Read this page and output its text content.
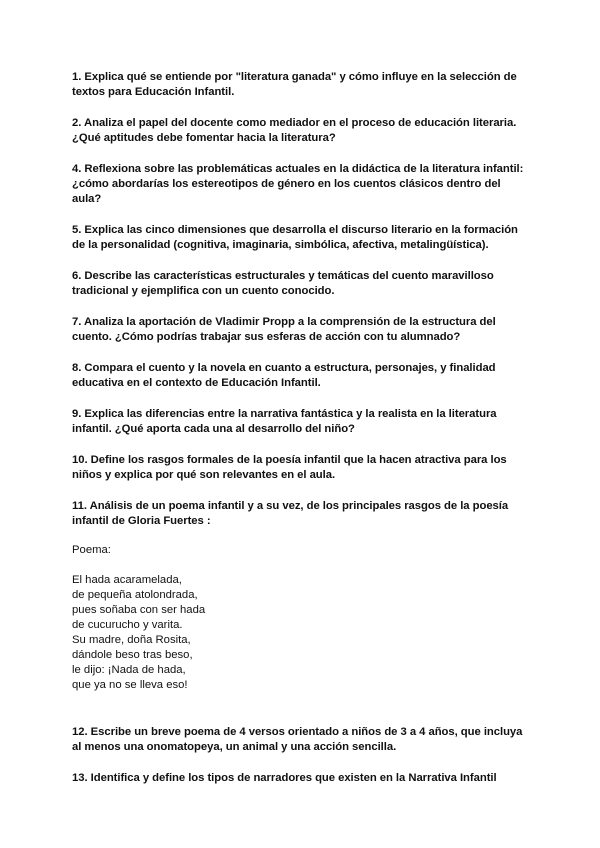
1. Explica qué se entiende por "literatura ganada" y cómo influye en la selección de textos para Educación Infantil.

2. Analiza el papel del docente como mediador en el proceso de educación literaria. ¿Qué aptitudes debe fomentar hacia la literatura?

4. Reflexiona sobre las problemáticas actuales en la didáctica de la literatura infantil: ¿cómo abordarías los estereotipos de género en los cuentos clásicos dentro del aula?

5. Explica las cinco dimensiones que desarrolla el discurso literario en la formación de la personalidad (cognitiva, imaginaria, simbólica, afectiva, metalingüística).

6. Describe las características estructurales y temáticas del cuento maravilloso tradicional y ejemplifica con un cuento conocido.

7. Analiza la aportación de Vladimir Propp a la comprensión de la estructura del cuento. ¿Cómo podrías trabajar sus esferas de acción con tu alumnado?

8. Compara el cuento y la novela en cuanto a estructura, personajes, y finalidad educativa en el contexto de Educación Infantil.

9. Explica las diferencias entre la narrativa fantástica y la realista en la literatura infantil. ¿Qué aporta cada una al desarrollo del niño?

10. Define los rasgos formales de la poesía infantil que la hacen atractiva para los niños y explica por qué son relevantes en el aula.

11. Análisis de un poema infantil y a su vez, de los principales rasgos de la poesía infantil de Gloria Fuertes :

Poema:

El hada acaramelada,

de pequeña atolondrada,

pues soñaba con ser hada

de cucurucho y varita.

Su madre, doña Rosita,

dándole beso tras beso,

le dijo: ¡Nada de hada,

que ya no se lleva eso!

12. Escribe un breve poema de 4 versos orientado a niños de 3 a 4 años, que incluya al menos una onomatopeya, un animal y una acción sencilla.

13. Identifica y define los tipos de narradores que existen en la Narrativa Infantil
